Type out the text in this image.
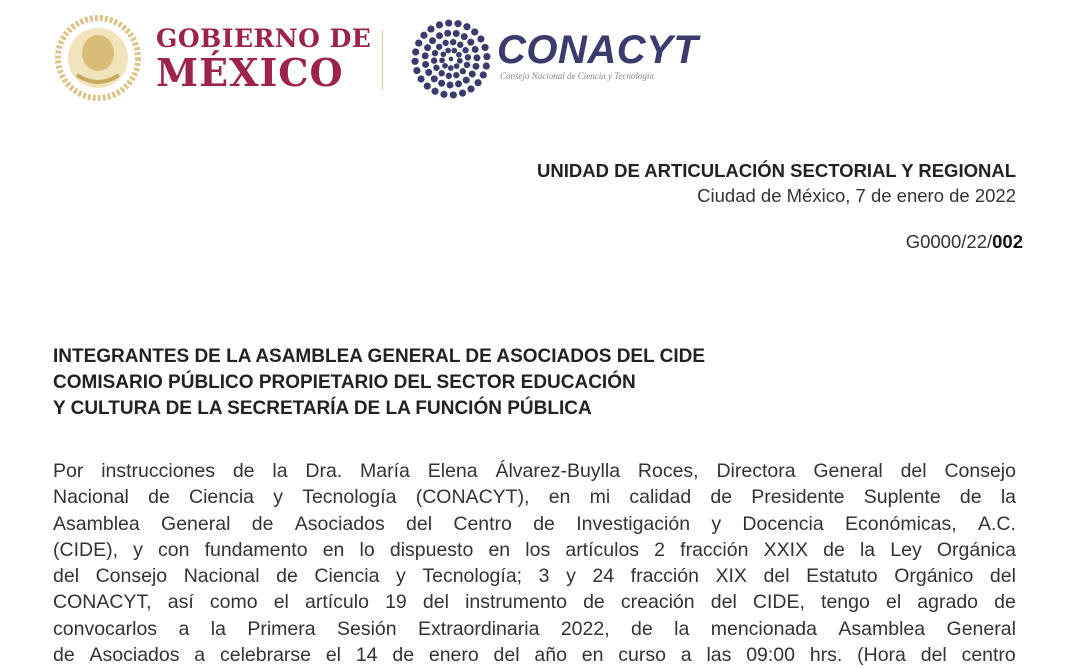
GOBIERNO DE
MÉXICO	CONACYT
Consejo Nacional de Ciencia y Tecnología
UNIDAD DE ARTICULACIÓN SECTORIAL Y REGIONAL
Ciudad de México, 7 de enero de 2022
G0000/22/002
INTEGRANTES DE LA ASAMBLEA GENERAL DE ASOCIADOS DEL CIDE
COMISARIO PÚBLICO PROPIETARIO DEL SECTOR EDUCACIÓN
Y CULTURA DE LA SECRETARÍA DE LA FUNCIÓN PÚBLICA
Por instrucciones de la Dra. María Elena Álvarez-Buylla Roces, Directora General del Consejo
Nacional de Ciencia y Tecnología (CONACYT), en mi calidad de Presidente Suplente de la
Asamblea General de Asociados del Centro de Investigación y Docencia Económicas, A.C.
(CIDE), y con fundamento en lo dispuesto en los artículos 2 fracción XXIX de la Ley Orgánica
del Consejo Nacional de Ciencia y Tecnología; 3 y 24 fracción XIX del Estatuto Orgánico del
CONACYT, así como el artículo 19 del instrumento de creación del CIDE, tengo el agrado de
convocarlos a la Primera Sesión Extraordinaria 2022, de la mencionada Asamblea General
de Asociados a celebrarse el 14 de enero del año en curso a las 09:00 hrs. (Hora del centro
